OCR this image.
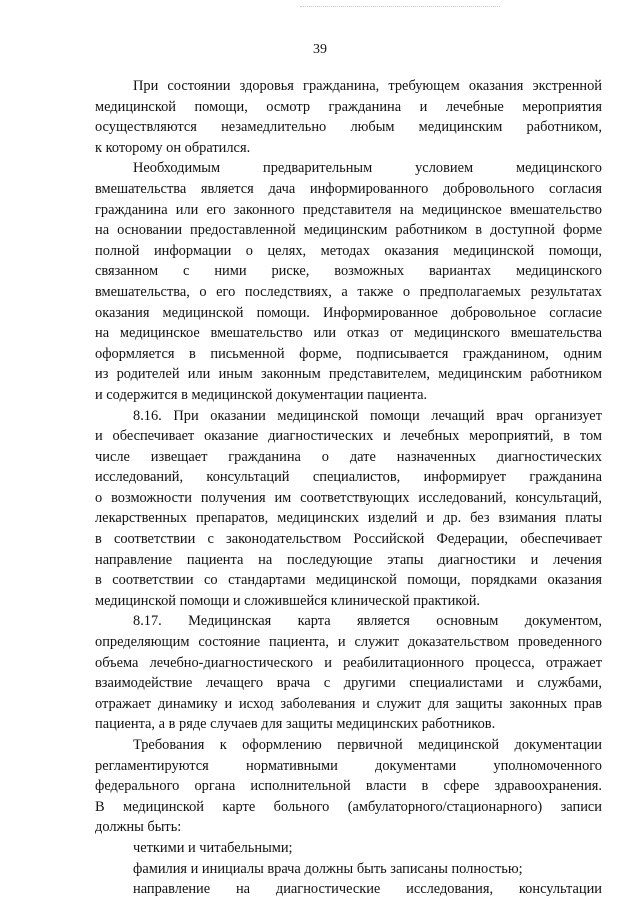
39
При состоянии здоровья гражданина, требующем оказания экстренной
медицинской помощи, осмотр гражданина и лечебные мероприятия
осуществляются незамедлительно любым медицинским работником,
к которому он обратился.
Необходимым предварительным условием медицинского
вмешательства является дача информированного добровольного согласия
гражданина или его законного представителя на медицинское вмешательство
на основании предоставленной медицинским работником в доступной форме
полной информации о целях, методах оказания медицинской помощи,
связанном с ними риске, возможных вариантах медицинского
вмешательства, о его последствиях, а также о предполагаемых результатах
оказания медицинской помощи. Информированное добровольное согласие
на медицинское вмешательство или отказ от медицинского вмешательства
оформляется в письменной форме, подписывается гражданином, одним
из родителей или иным законным представителем, медицинским работником
и содержится в медицинской документации пациента.
8.16. При оказании медицинской помощи лечащий врач организует
и обеспечивает оказание диагностических и лечебных мероприятий, в том
числе извещает гражданина о дате назначенных диагностических
исследований, консультаций специалистов, информирует гражданина
о возможности получения им соответствующих исследований, консультаций,
лекарственных препаратов, медицинских изделий и др. без взимания платы
в соответствии с законодательством Российской Федерации, обеспечивает
направление пациента на последующие этапы диагностики и лечения
в соответствии со стандартами медицинской помощи, порядками оказания
медицинской помощи и сложившейся клинической практикой.
8.17. Медицинская карта является основным документом,
определяющим состояние пациента, и служит доказательством проведенного
объема лечебно-диагностического и реабилитационного процесса, отражает
взаимодействие лечащего врача с другими специалистами и службами,
отражает динамику и исход заболевания и служит для защиты законных прав
пациента, а в ряде случаев для защиты медицинских работников.
Требования к оформлению первичной медицинской документации
регламентируются нормативными документами уполномоченного
федерального органа исполнительной власти в сфере здравоохранения.
В медицинской карте больного (амбулаторного/стационарного) записи
должны быть:
четкими и читабельными;
фамилия и инициалы врача должны быть записаны полностью;
направление на диагностические исследования, консультации
